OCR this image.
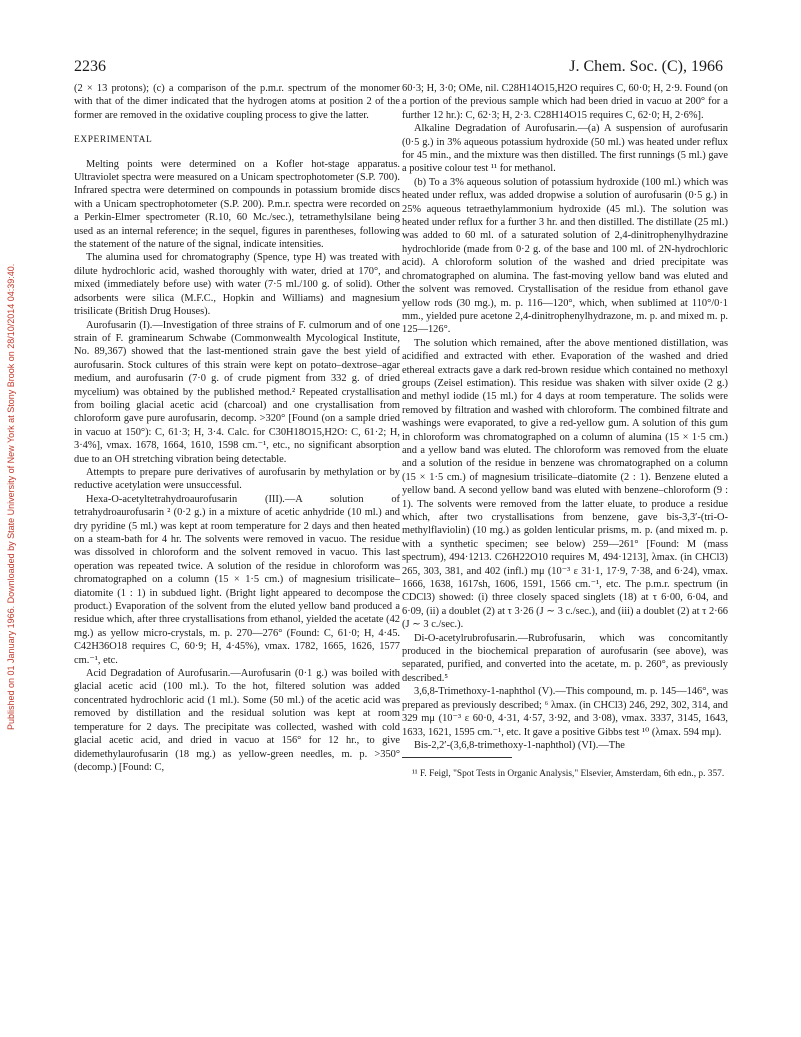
Published on 01 January 1966. Downloaded by State University of New York at Stony Brook on 28/10/2014 04:39:40.
2236	J. Chem. Soc. (C), 1966

(2 × 13 protons); (c) a comparison of the p.m.r. spectrum of the monomer with that of the dimer indicated that the hydrogen atoms at position 2 of the former are removed in the oxidative coupling process to give the latter.

EXPERIMENTAL

Melting points were determined on a Kofler hot-stage apparatus. Ultraviolet spectra were measured on a Unicam spectrophotometer (S.P. 700). Infrared spectra were determined on compounds in potassium bromide discs with a Unicam spectrophotometer (S.P. 200). P.m.r. spectra were recorded on a Perkin-Elmer spectrometer (R.10, 60 Mc./sec.), tetramethylsilane being used as an internal reference; in the sequel, figures in parentheses, following the statement of the nature of the signal, indicate intensities.

The alumina used for chromatography (Spence, type H) was treated with dilute hydrochloric acid, washed thoroughly with water, dried at 170°, and mixed (immediately before use) with water (7·5 ml./100 g. of solid). Other adsorbents were silica (M.F.C., Hopkin and Williams) and magnesium trisilicate (British Drug Houses).

Aurofusarin (I).—Investigation of three strains of F. culmorum and of one strain of F. graminearum Schwabe (Commonwealth Mycological Institute, No. 89,367) showed that the last-mentioned strain gave the best yield of aurofusarin. Stock cultures of this strain were kept on potato–dextrose–agar medium, and aurofusarin (7·0 g. of crude pigment from 332 g. of dried mycelium) was obtained by the published method.² Repeated crystallisation from boiling glacial acetic acid (charcoal) and one crystallisation from chloroform gave pure aurofusarin, decomp. >320° [Found (on a sample dried in vacuo at 150°): C, 61·3; H, 3·4. Calc. for C30H18O15,H2O: C, 61·2; H, 3·4%], νmax. 1678, 1664, 1610, 1598 cm.⁻¹, etc., no significant absorption due to an OH stretching vibration being detectable.

Attempts to prepare pure derivatives of aurofusarin by methylation or by reductive acetylation were unsuccessful.

Hexa-O-acetyltetrahydroaurofusarin (III).—A solution of tetrahydroaurofusarin ² (0·2 g.) in a mixture of acetic anhydride (10 ml.) and dry pyridine (5 ml.) was kept at room temperature for 2 days and then heated on a steam-bath for 4 hr. The solvents were removed in vacuo. The residue was dissolved in chloroform and the solvent removed in vacuo. This last operation was repeated twice. A solution of the residue in chloroform was chromatographed on a column (15 × 1·5 cm.) of magnesium trisilicate–diatomite (1 : 1) in subdued light. (Bright light appeared to decompose the product.) Evaporation of the solvent from the eluted yellow band produced a residue which, after three crystallisations from ethanol, yielded the acetate (42 mg.) as yellow micro-crystals, m. p. 270—276° (Found: C, 61·0; H, 4·45. C42H36O18 requires C, 60·9; H, 4·45%), νmax. 1782, 1665, 1626, 1577 cm.⁻¹, etc.

Acid Degradation of Aurofusarin.—Aurofusarin (0·1 g.) was boiled with glacial acetic acid (100 ml.). To the hot, filtered solution was added concentrated hydrochloric acid (1 ml.). Some (50 ml.) of the acetic acid was removed by distillation and the residual solution was kept at room temperature for 2 days. The precipitate was collected, washed with cold glacial acetic acid, and dried in vacuo at 156° for 12 hr., to give didemethylaurofusarin (18 mg.) as yellow-green needles, m. p. >350° (decomp.) [Found: C,

60·3; H, 3·0; OMe, nil. C28H14O15,H2O requires C, 60·0; H, 2·9. Found (on a portion of the previous sample which had been dried in vacuo at 200° for a further 12 hr.): C, 62·3; H, 2·3. C28H14O15 requires C, 62·0; H, 2·6%].

Alkaline Degradation of Aurofusarin.—(a) A suspension of aurofusarin (0·5 g.) in 3% aqueous potassium hydroxide (50 ml.) was heated under reflux for 45 min., and the mixture was then distilled. The first runnings (5 ml.) gave a positive colour test ¹¹ for methanol.

(b) To a 3% aqueous solution of potassium hydroxide (100 ml.) which was heated under reflux, was added dropwise a solution of aurofusarin (0·5 g.) in 25% aqueous tetraethylammonium hydroxide (45 ml.). The solution was heated under reflux for a further 3 hr. and then distilled. The distillate (25 ml.) was added to 60 ml. of a saturated solution of 2,4-dinitrophenylhydrazine hydrochloride (made from 0·2 g. of the base and 100 ml. of 2N-hydrochloric acid). A chloroform solution of the washed and dried precipitate was chromatographed on alumina. The fast-moving yellow band was eluted and the solvent was removed. Crystallisation of the residue from ethanol gave yellow rods (30 mg.), m. p. 116—120°, which, when sublimed at 110°/0·1 mm., yielded pure acetone 2,4-dinitrophenylhydrazone, m. p. and mixed m. p. 125—126°.

The solution which remained, after the above mentioned distillation, was acidified and extracted with ether. Evaporation of the washed and dried ethereal extracts gave a dark red-brown residue which contained no methoxyl groups (Zeisel estimation). This residue was shaken with silver oxide (2 g.) and methyl iodide (15 ml.) for 4 days at room temperature. The solids were removed by filtration and washed with chloroform. The combined filtrate and washings were evaporated, to give a red-yellow gum. A solution of this gum in chloroform was chromatographed on a column of alumina (15 × 1·5 cm.) and a yellow band was eluted. The chloroform was removed from the eluate and a solution of the residue in benzene was chromatographed on a column (15 × 1·5 cm.) of magnesium trisilicate–diatomite (2 : 1). Benzene eluted a yellow band. A second yellow band was eluted with benzene–chloroform (9 : 1). The solvents were removed from the latter eluate, to produce a residue which, after two crystallisations from benzene, gave bis-3,3′-(tri-O-methylflaviolin) (10 mg.) as golden lenticular prisms, m. p. (and mixed m. p. with a synthetic specimen; see below) 259—261° [Found: M (mass spectrum), 494·1213. C26H22O10 requires M, 494·1213], λmax. (in CHCl3) 265, 303, 381, and 402 (infl.) mμ (10⁻³ ε 31·1, 17·9, 7·38, and 6·24), νmax. 1666, 1638, 1617sh, 1606, 1591, 1566 cm.⁻¹, etc. The p.m.r. spectrum (in CDCl3) showed: (i) three closely spaced singlets (18) at τ 6·00, 6·04, and 6·09, (ii) a doublet (2) at τ 3·26 (J ∼ 3 c./sec.), and (iii) a doublet (2) at τ 2·66 (J ∼ 3 c./sec.).

Di-O-acetylrubrofusarin.—Rubrofusarin, which was concomitantly produced in the biochemical preparation of aurofusarin (see above), was separated, purified, and converted into the acetate, m. p. 260°, as previously described.⁵

3,6,8-Trimethoxy-1-naphthol (V).—This compound, m. p. 145—146°, was prepared as previously described; ⁶ λmax. (in CHCl3) 246, 292, 302, 314, and 329 mμ (10⁻³ ε 60·0, 4·31, 4·57, 3·92, and 3·08), νmax. 3337, 3145, 1643, 1633, 1621, 1595 cm.⁻¹, etc. It gave a positive Gibbs test ¹⁰ (λmax. 594 mμ).

Bis-2,2′-(3,6,8-trimethoxy-1-naphthol) (VI).—The

¹¹ F. Feigl, "Spot Tests in Organic Analysis," Elsevier, Amsterdam, 6th edn., p. 357.
